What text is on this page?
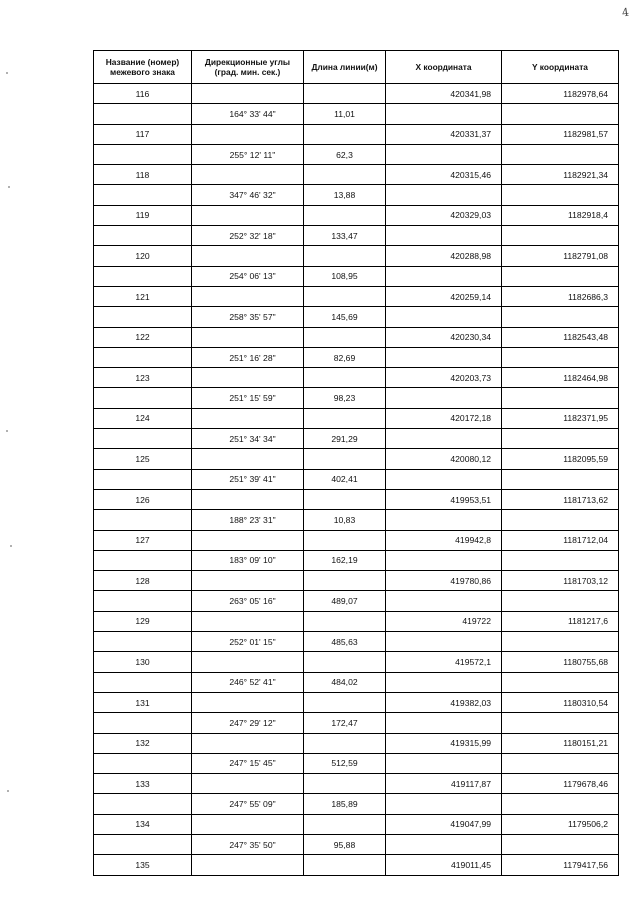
4
Название (номер) межевого знака	Дирекционные углы (град. мин. сек.)	Длина линии(м)	X координата	Y координата
116			420341,98	1182978,64
	164° 33' 44"	11,01		
117			420331,37	1182981,57
	255° 12' 11"	62,3		
118			420315,46	1182921,34
	347° 46' 32"	13,88		
119			420329,03	1182918,4
	252° 32' 18"	133,47		
120			420288,98	1182791,08
	254° 06' 13"	108,95		
121			420259,14	1182686,3
	258° 35' 57"	145,69		
122			420230,34	1182543,48
	251° 16' 28"	82,69		
123			420203,73	1182464,98
	251° 15' 59"	98,23		
124			420172,18	1182371,95
	251° 34' 34"	291,29		
125			420080,12	1182095,59
	251° 39' 41"	402,41		
126			419953,51	1181713,62
	188° 23' 31"	10,83		
127			419942,8	1181712,04
	183° 09' 10"	162,19		
128			419780,86	1181703,12
	263° 05' 16"	489,07		
129			419722	1181217,6
	252° 01' 15"	485,63		
130			419572,1	1180755,68
	246° 52' 41"	484,02		
131			419382,03	1180310,54
	247° 29' 12"	172,47		
132			419315,99	1180151,21
	247° 15' 45"	512,59		
133			419117,87	1179678,46
	247° 55' 09"	185,89		
134			419047,99	1179506,2
	247° 35' 50"	95,88		
135			419011,45	1179417,56
